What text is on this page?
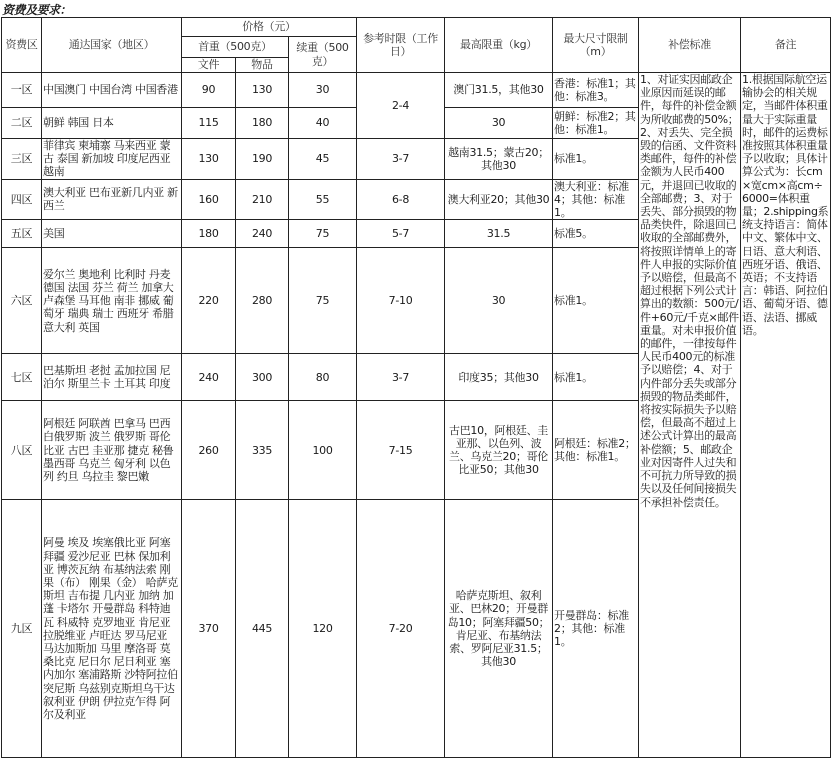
资费及要求：
资费区	通达国家（地区）	价格（元）			参考时限（工作日）	最高限重（kg）	最大尺寸限制（m）	补偿标准	备注
		首重（500克）		续重（500克）					
		文件	物品						
一区	中国澳门 中国台湾 中国香港	90	130	30	2-4	澳门31.5，其他30	香港：标准1；其他：标准3。	1、对证实因邮政企业原因而延误的邮件，每件的补偿金额为所收邮费的50%；2、对丢失、完全损毁的信函、文件资料类邮件，每件的补偿金额为人民币400元，并退回已收取的全部邮费；3、对于丢失、部分损毁的物品类快件，除退回已收取的全部邮费外，将按照详情单上的寄件人申报的实际价值予以赔偿，但最高不超过根据下列公式计算出的数额：500元/件+60元/千克×邮件重量。对未申报价值的邮件，一律按每件人民币400元的标准予以赔偿；4、对于内件部分丢失或部分损毁的物品类邮件，将按实际损失予以赔偿，但最高不超过上述公式计算出的最高补偿额；5、邮政企业对因寄件人过失和不可抗力所导致的损失以及任何间接损失不承担补偿责任。	1.根据国际航空运输协会的相关规定，当邮件体积重量大于实际重量时，邮件的运费标准按照其体积重量予以收取；具体计算公式为：长cm×宽cm×高cm÷6000=体积重量；2.shipping系统支持语言：简体中文、繁体中文、日语、意大利语、西班牙语、俄语、英语；不支持语言：韩语、阿拉伯语、葡萄牙语、德语、法语、挪威语。
二区	朝鲜 韩国 日本	115	180	40		30	朝鲜：标准2；其他：标准1。		
三区	菲律宾 柬埔寨 马来西亚 蒙古 泰国 新加坡 印度尼西亚 越南	130	190	45	3-7	越南31.5；蒙古20；其他30	标准1。		
四区	澳大利亚 巴布亚新几内亚 新西兰	160	210	55	6-8	澳大利亚20；其他30	澳大利亚：标准4；其他：标准1。		
五区	美国	180	240	75	5-7	31.5	标准5。		
六区	爱尔兰 奥地利 比利时 丹麦 德国 法国 芬兰 荷兰 加拿大 卢森堡 马耳他 南非 挪威 葡萄牙 瑞典 瑞士 西班牙 希腊 意大利 英国	220	280	75	7-10	30	标准1。		
七区	巴基斯坦 老挝 孟加拉国 尼泊尔 斯里兰卡 土耳其 印度	240	300	80	3-7	印度35；其他30	标准1。		
八区	阿根廷 阿联酋 巴拿马 巴西 白俄罗斯 波兰 俄罗斯 哥伦比亚 古巴 圭亚那 捷克 秘鲁 墨西哥 乌克兰 匈牙利 以色列 约旦 乌拉圭 黎巴嫩	260	335	100	7-15	古巴10，阿根廷、圭亚那、以色列、波兰、乌克兰20；哥伦比亚50；其他30	阿根廷：标准2；其他：标准1。		
九区	阿曼 埃及 埃塞俄比亚 阿塞拜疆 爱沙尼亚 巴林 保加利亚 博茨瓦纳 布基纳法索 刚果（布） 刚果（金） 哈萨克斯坦 吉布提 几内亚 加纳 加蓬 卡塔尔 开曼群岛 科特迪瓦 科威特 克罗地亚 肯尼亚 拉脱维亚 卢旺达 罗马尼亚 马达加斯加 马里 摩洛哥 莫桑比克 尼日尔 尼日利亚 塞内加尔 塞浦路斯 沙特阿拉伯 突尼斯 乌兹别克斯坦乌干达 叙利亚 伊朗 伊拉克乍得 阿尔及利亚	370	445	120	7-20	哈萨克斯坦、叙利亚、巴林20；开曼群岛10；阿塞拜疆50；肯尼亚、布基纳法索、罗阿尼亚31.5；其他30	开曼群岛：标准2；其他：标准1。		
